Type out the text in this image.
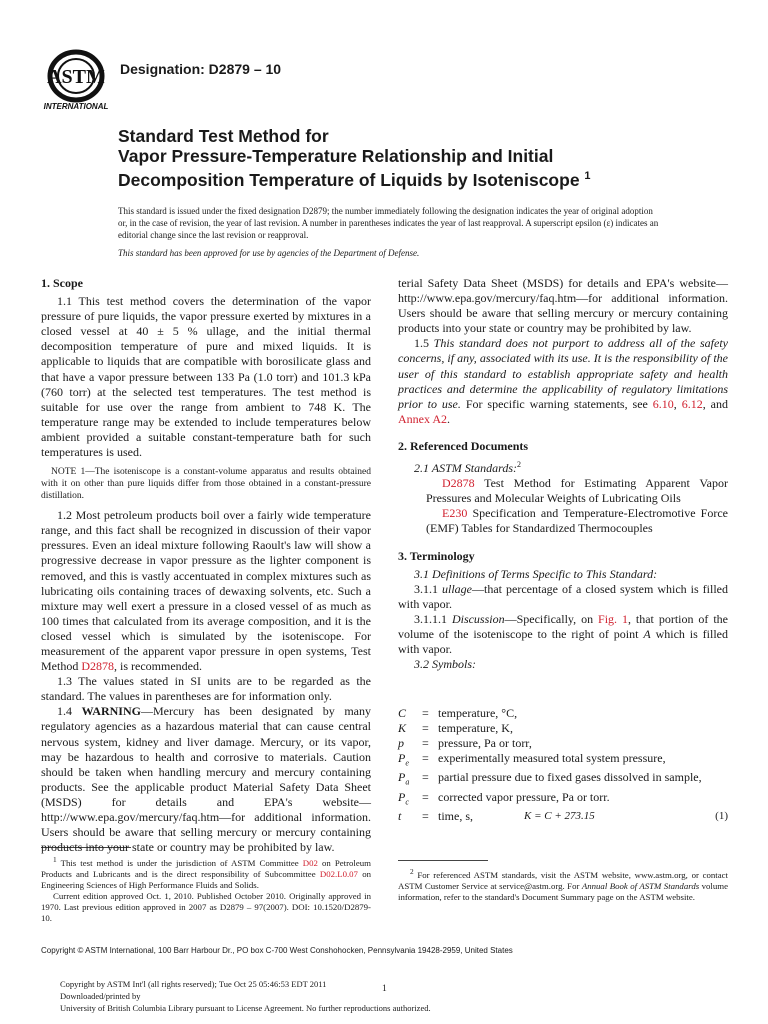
ASTM
INTERNATIONAL
Designation: D2879 – 10
Standard Test Method for
Vapor Pressure-Temperature Relationship and Initial
Decomposition Temperature of Liquids by Isoteniscope $^1$
This standard is issued under the fixed designation D2879; the number immediately following the designation indicates the year of original adoption or, in the case of revision, the year of last revision. A number in parentheses indicates the year of last reapproval. A superscript epsilon (ε) indicates an editorial change since the last revision or reapproval.
This standard has been approved for use by agencies of the Department of Defense.
1. Scope

1.1 This test method covers the determination of the vapor pressure of pure liquids, the vapor pressure exerted by mixtures in a closed vessel at 40 ± 5 % ullage, and the initial thermal decomposition temperature of pure and mixed liquids. It is applicable to liquids that are compatible with borosilicate glass and that have a vapor pressure between 133 Pa (1.0 torr) and 101.3 kPa (760 torr) at the selected test temperatures. The test method is suitable for use over the range from ambient to 748 K. The temperature range may be extended to include temperatures below ambient provided a suitable constant-temperature bath for such temperatures is used.

NOTE 1—The isoteniscope is a constant-volume apparatus and results obtained with it on other than pure liquids differ from those obtained in a constant-pressure distillation.

1.2 Most petroleum products boil over a fairly wide temperature range, and this fact shall be recognized in discussion of their vapor pressures. Even an ideal mixture following Raoult's law will show a progressive decrease in vapor pressure as the lighter component is removed, and this is vastly accentuated in complex mixtures such as lubricating oils containing traces of dewaxing solvents, etc. Such a mixture may well exert a pressure in a closed vessel of as much as 100 times that calculated from its average composition, and it is the closed vessel which is simulated by the isoteniscope. For measurement of the apparent vapor pressure in open systems, Test Method D2878, is recommended.

1.3 The values stated in SI units are to be regarded as the standard. The values in parentheses are for information only.

1.4 WARNING—Mercury has been designated by many regulatory agencies as a hazardous material that can cause central nervous system, kidney and liver damage. Mercury, or its vapor, may be hazardous to health and corrosive to materials. Caution should be taken when handling mercury and mercury containing products. See the applicable product Material Safety Data Sheet (MSDS) for details and EPA's website—http://www.epa.gov/mercury/faq.htm—for additional information. Users should be aware that selling mercury or mercury containing products into your state or country may be prohibited by law.

$^1$ This test method is under the jurisdiction of ASTM Committee D02 on Petroleum Products and Lubricants and is the direct responsibility of Subcommittee D02.L0.07 on Engineering Sciences of High Performance Fluids and Solids.

Current edition approved Oct. 1, 2010. Published October 2010. Originally approved in 1970. Last previous edition approved in 2007 as D2879 – 97(2007). DOI: 10.1520/D2879-10.

terial Safety Data Sheet (MSDS) for details and EPA's website—http://www.epa.gov/mercury/faq.htm—for additional information. Users should be aware that selling mercury or mercury containing products into your state or country may be prohibited by law.

1.5 This standard does not purport to address all of the safety concerns, if any, associated with its use. It is the responsibility of the user of this standard to establish appropriate safety and health practices and determine the applicability of regulatory limitations prior to use. For specific warning statements, see 6.10, 6.12, and Annex A2.

2. Referenced Documents

2.1 ASTM Standards:$^2$

D2878 Test Method for Estimating Apparent Vapor Pressures and Molecular Weights of Lubricating Oils

E230 Specification and Temperature-Electromotive Force (EMF) Tables for Standardized Thermocouples

3. Terminology

3.1 Definitions of Terms Specific to This Standard:

3.1.1 ullage—that percentage of a closed system which is filled with vapor.

3.1.1.1 Discussion—Specifically, on Fig. 1, that portion of the volume of the isoteniscope to the right of point A which is filled with vapor.

3.2 Symbols:

C	= temperature, °C,
K	= temperature, K,
p	= pressure, Pa or torr,
$P_e$	= experimentally measured total system pressure,
$P_a$	= partial pressure due to fixed gases dissolved in sample,
$P_c$	= corrected vapor pressure, Pa or torr.
t	= time, s,	K = C + 273.15	(1)

$^2$ For referenced ASTM standards, visit the ASTM website, www.astm.org, or contact ASTM Customer Service at service@astm.org. For Annual Book of ASTM Standards volume information, refer to the standard's Document Summary page on the ASTM website.

Copyright © ASTM International, 100 Barr Harbour Dr., PO box C-700 West Conshohocken, Pennsylvania 19428-2959, United States
Copyright by ASTM Int'l (all rights reserved); Tue Oct 25 05:46:53 EDT 2011
Downloaded/printed by
University of British Columbia Library pursuant to License Agreement. No further reproductions authorized.
1
